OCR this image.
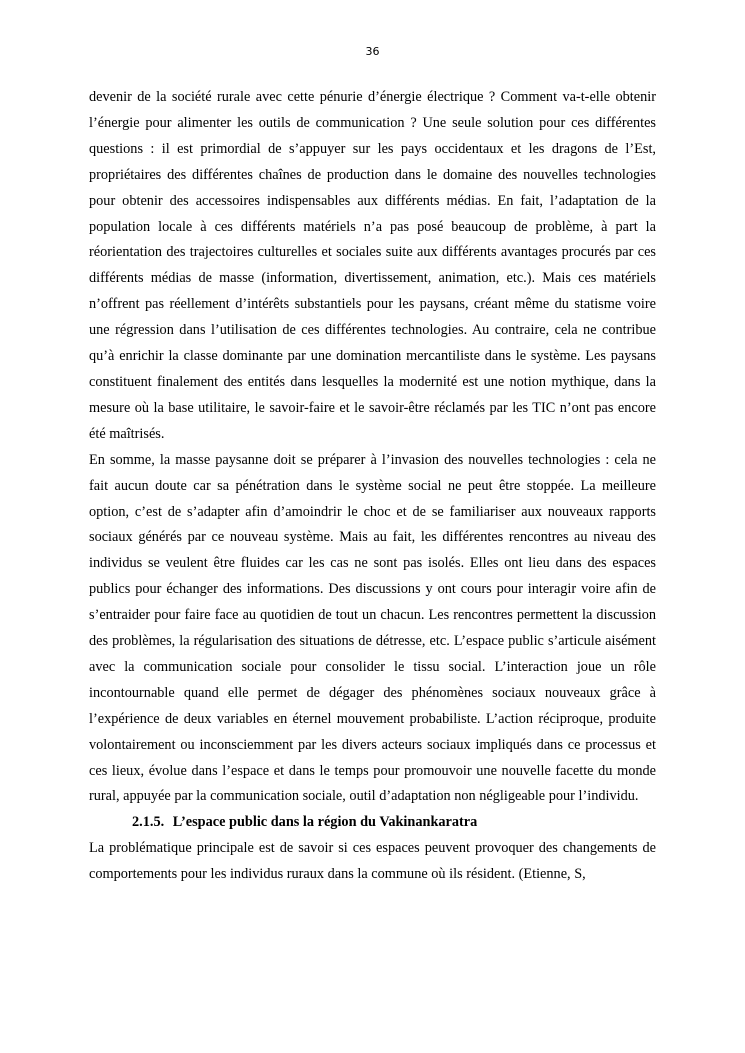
36

devenir de la société rurale avec cette pénurie d’énergie électrique ? Comment va-t-elle obtenir l’énergie pour alimenter les outils de communication ? Une seule solution pour ces différentes questions : il est primordial de s’appuyer sur les pays occidentaux et les dragons de l’Est, propriétaires des différentes chaînes de production dans le domaine des nouvelles technologies pour obtenir des accessoires indispensables aux différents médias. En fait, l’adaptation de la population locale à ces différents matériels n’a pas posé beaucoup de problème, à part la réorientation des trajectoires culturelles et sociales suite aux différents avantages procurés par ces différents médias de masse (information, divertissement, animation, etc.). Mais ces matériels n’offrent pas réellement d’intérêts substantiels pour les paysans, créant même du statisme voire une régression dans l’utilisation de ces différentes technologies. Au contraire, cela ne contribue qu’à enrichir la classe dominante par une domination mercantiliste dans le système. Les paysans constituent finalement des entités dans lesquelles la modernité est une notion mythique, dans la mesure où la base utilitaire, le savoir-faire et le savoir-être réclamés par les TIC n’ont pas encore été maîtrisés.

En somme, la masse paysanne doit se préparer à l’invasion des nouvelles technologies : cela ne fait aucun doute car sa pénétration dans le système social ne peut être stoppée. La meilleure option, c’est de s’adapter afin d’amoindrir le choc et de se familiariser aux nouveaux rapports sociaux générés par ce nouveau système. Mais au fait, les différentes rencontres au niveau des individus se veulent être fluides car les cas ne sont pas isolés. Elles ont lieu dans des espaces publics pour échanger des informations. Des discussions y ont cours pour interagir voire afin de s’entraider pour faire face au quotidien de tout un chacun. Les rencontres permettent la discussion des problèmes, la régularisation des situations de détresse, etc. L’espace public s’articule aisément avec la communication sociale pour consolider le tissu social. L’interaction joue un rôle incontournable quand elle permet de dégager des phénomènes sociaux nouveaux grâce à l’expérience de deux variables en éternel mouvement probabiliste. L’action réciproque, produite volontairement ou inconsciemment par les divers acteurs sociaux impliqués dans ce processus et ces lieux, évolue dans l’espace et dans le temps pour promouvoir une nouvelle facette du monde rural, appuyée par la communication sociale, outil d’adaptation non négligeable pour l’individu.

2.1.5. L’espace public dans la région du Vakinankaratra

La problématique principale est de savoir si ces espaces peuvent provoquer des changements de comportements pour les individus ruraux dans la commune où ils résident. (Etienne, S,
